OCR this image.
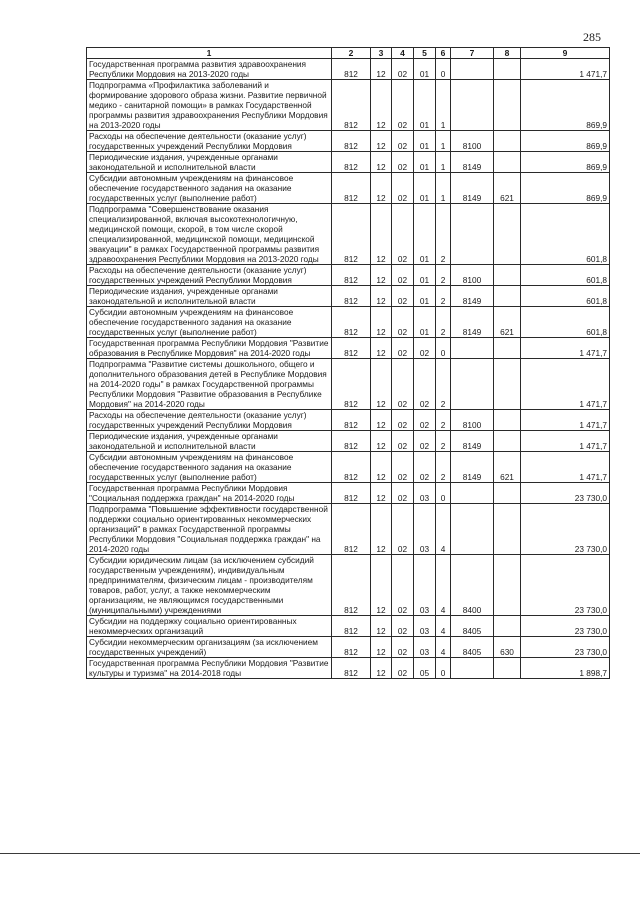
285
1	2	3	4	5	6	7	8	9
Государственная программа развития здравоохранения Республики Мордовия на 2013-2020 годы	812	12	02	01	0			1 471,7
Подпрограмма «Профилактика заболеваний и формирование здорового образа жизни. Развитие первичной медико - санитарной помощи» в рамках Государственной программы развития здравоохранения Республики Мордовия на 2013-2020 годы	812	12	02	01	1			869,9
Расходы на обеспечение деятельности (оказание услуг) государственных учреждений Республики Мордовия	812	12	02	01	1	8100		869,9
Периодические издания, учрежденные органами законодательной и исполнительной власти	812	12	02	01	1	8149		869,9
Субсидии автономным учреждениям на финансовое обеспечение государственного задания на оказание государственных услуг (выполнение работ)	812	12	02	01	1	8149	621	869,9
Подпрограмма "Совершенствование оказания специализированной, включая высокотехнологичную, медицинской помощи, скорой, в том числе скорой специализированной, медицинской помощи, медицинской эвакуации" в рамках Государственной программы развития здравоохранения Республики Мордовия на 2013-2020 годы	812	12	02	01	2			601,8
Расходы на обеспечение деятельности (оказание услуг) государственных учреждений Республики Мордовия	812	12	02	01	2	8100		601,8
Периодические издания, учрежденные органами законодательной и исполнительной власти	812	12	02	01	2	8149		601,8
Субсидии автономным учреждениям на финансовое обеспечение государственного задания на оказание государственных услуг (выполнение работ)	812	12	02	01	2	8149	621	601,8
Государственная программа Республики Мордовия "Развитие образования в Республике Мордовия" на 2014-2020 годы	812	12	02	02	0			1 471,7
Подпрограмма "Развитие системы дошкольного, общего и дополнительного образования детей в Республике Мордовия на 2014-2020 годы" в рамках Государственной программы Республики Мордовия "Развитие образования в Республике Мордовия" на 2014-2020 годы	812	12	02	02	2			1 471,7
Расходы на обеспечение деятельности (оказание услуг) государственных учреждений Республики Мордовия	812	12	02	02	2	8100		1 471,7
Периодические издания, учрежденные органами законодательной и исполнительной власти	812	12	02	02	2	8149		1 471,7
Субсидии автономным учреждениям на финансовое обеспечение государственного задания на оказание государственных услуг (выполнение работ)	812	12	02	02	2	8149	621	1 471,7
Государственная программа Республики Мордовия "Социальная поддержка граждан" на 2014-2020 годы	812	12	02	03	0			23 730,0
Подпрограмма "Повышение эффективности государственной поддержки социально ориентированных некоммерческих организаций" в рамках Государственной программы Республики Мордовия "Социальная поддержка граждан" на 2014-2020 годы	812	12	02	03	4			23 730,0
Субсидии юридическим лицам (за исключением субсидий государственным учреждениям), индивидуальным предпринимателям, физическим лицам - производителям товаров, работ, услуг, а также некоммерческим организациям, не являющимся государственными (муниципальными) учреждениями	812	12	02	03	4	8400		23 730,0
Субсидии на поддержку социально ориентированных некоммерческих организаций	812	12	02	03	4	8405		23 730,0
Субсидии некоммерческим организациям (за исключением государственных учреждений)	812	12	02	03	4	8405	630	23 730,0
Государственная программа Республики Мордовия "Развитие культуры и туризма" на 2014-2018 годы	812	12	02	05	0			1 898,7
